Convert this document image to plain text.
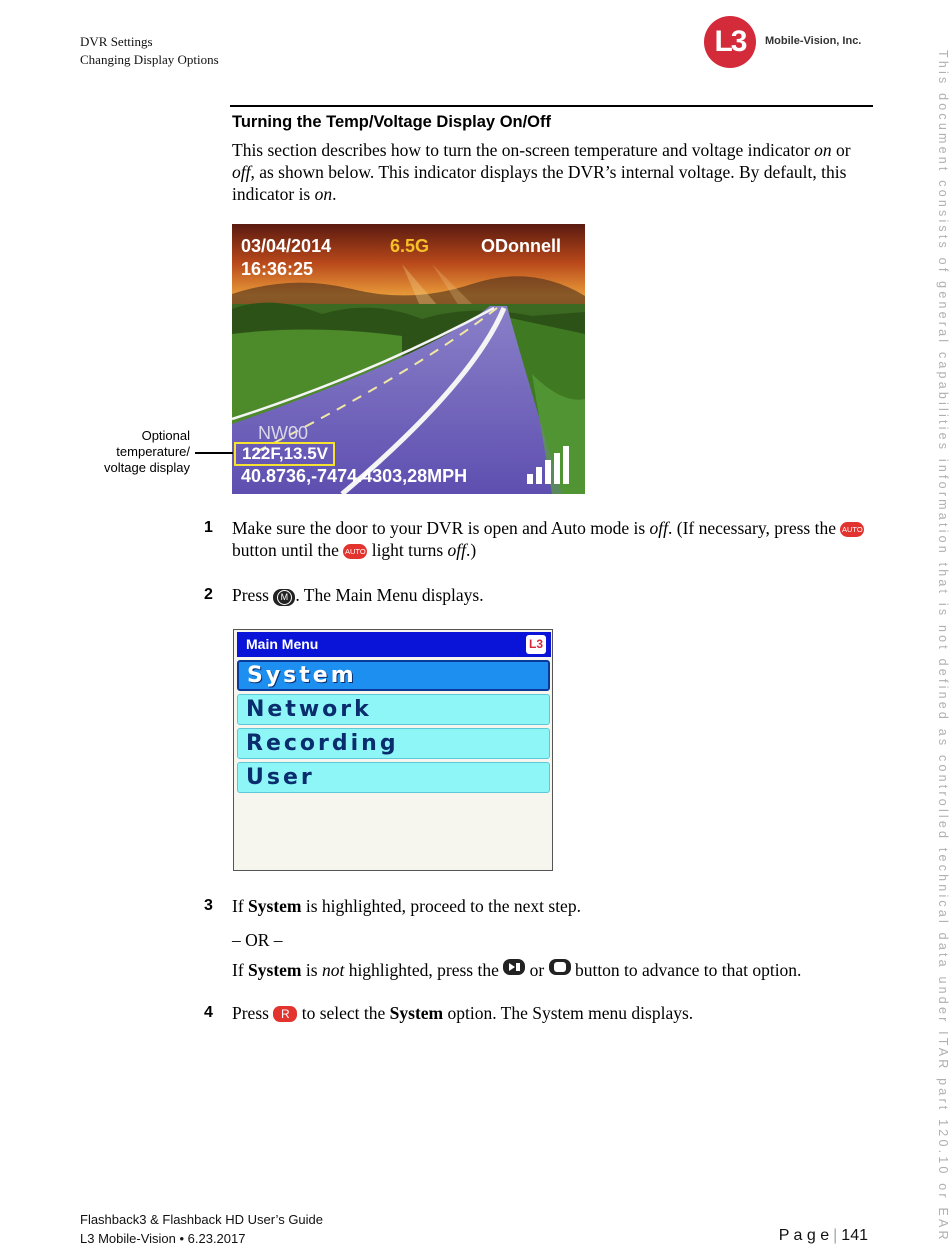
DVR Settings
Changing Display Options
L3	Mobile-Vision, Inc.
This document consists of general capabilities information that is not defined as controlled technical data under ITAR part 120.10 or EAR
Turning the Temp/Voltage Display On/Off
This section describes how to turn the on-screen temperature and voltage indicator on or off, as shown below. This indicator displays the DVR’s internal voltage. By default, this indicator is on.
03/04/2014
16:36:25
6.5G	ODonnell
NW00
122F,13.5V
40.8736,-7474.4303,28MPH
Optional
temperature/
voltage display
1 Make sure the door to your DVR is open and Auto mode is off. (If necessary, press the AUTO button until the AUTO light turns off.)
2 Press M . The Main Menu displays.
Main Menu	L3
System
Network
Recording
User
3 If System is highlighted, proceed to the next step.
– OR –
If System is not highlighted, press the  or  button to advance to that option.
4 Press R to select the System option. The System menu displays.
Flashback3 & Flashback HD User’s Guide
L3 Mobile-Vision • 6.23.2017	P a g e | 141
